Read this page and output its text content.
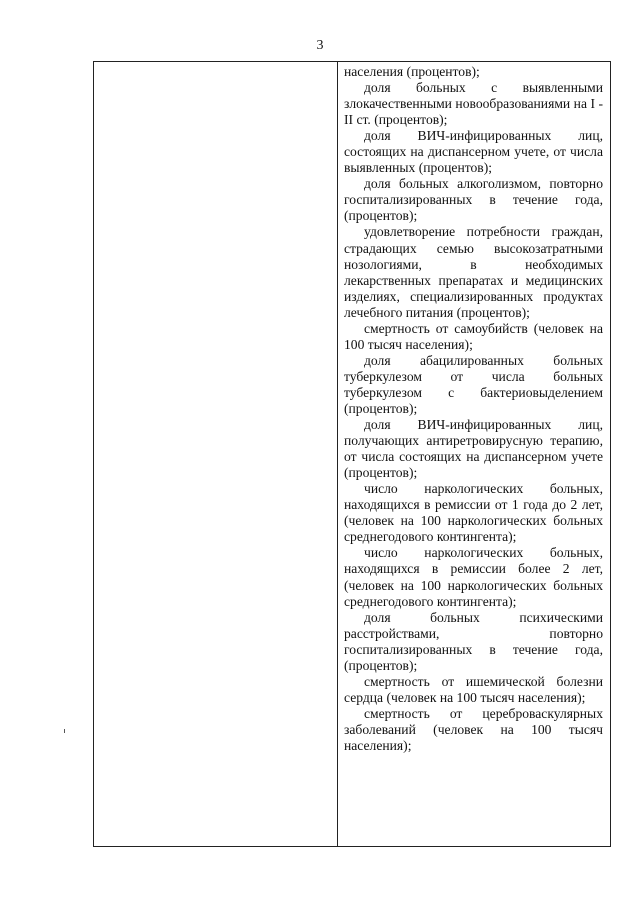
3

населения (процентов);

доля больных с выявленными злокачественными новообразованиями на I - II ст. (процентов);

доля ВИЧ-инфицированных лиц, состоящих на диспансерном учете, от числа выявленных (процентов);

доля больных алкоголизмом, повторно госпитализированных в течение года, (процентов);

удовлетворение потребности граждан, страдающих семью высокозатратными нозологиями, в необходимых лекарственных препаратах и медицинских изделиях, специализированных продуктах лечебного питания (процентов);

смертность от самоубийств (человек на 100 тысяч населения);

доля абацилированных больных туберкулезом от числа больных туберкулезом с бактериовыделением (процентов);

доля ВИЧ-инфицированных лиц, получающих антиретровирусную терапию, от числа состоящих на диспансерном учете (процентов);

число наркологических больных, находящихся в ремиссии от 1 года до 2 лет, (человек на 100 наркологических больных среднегодового контингента);

число наркологических больных, находящихся в ремиссии более 2 лет, (человек на 100 наркологических больных среднегодового контингента);

доля больных психическими расстройствами, повторно госпитализированных в течение года, (процентов);

смертность от ишемической болезни сердца (человек на 100 тысяч населения);

смертность от цереброваскулярных заболеваний (человек на 100 тысяч населения);
